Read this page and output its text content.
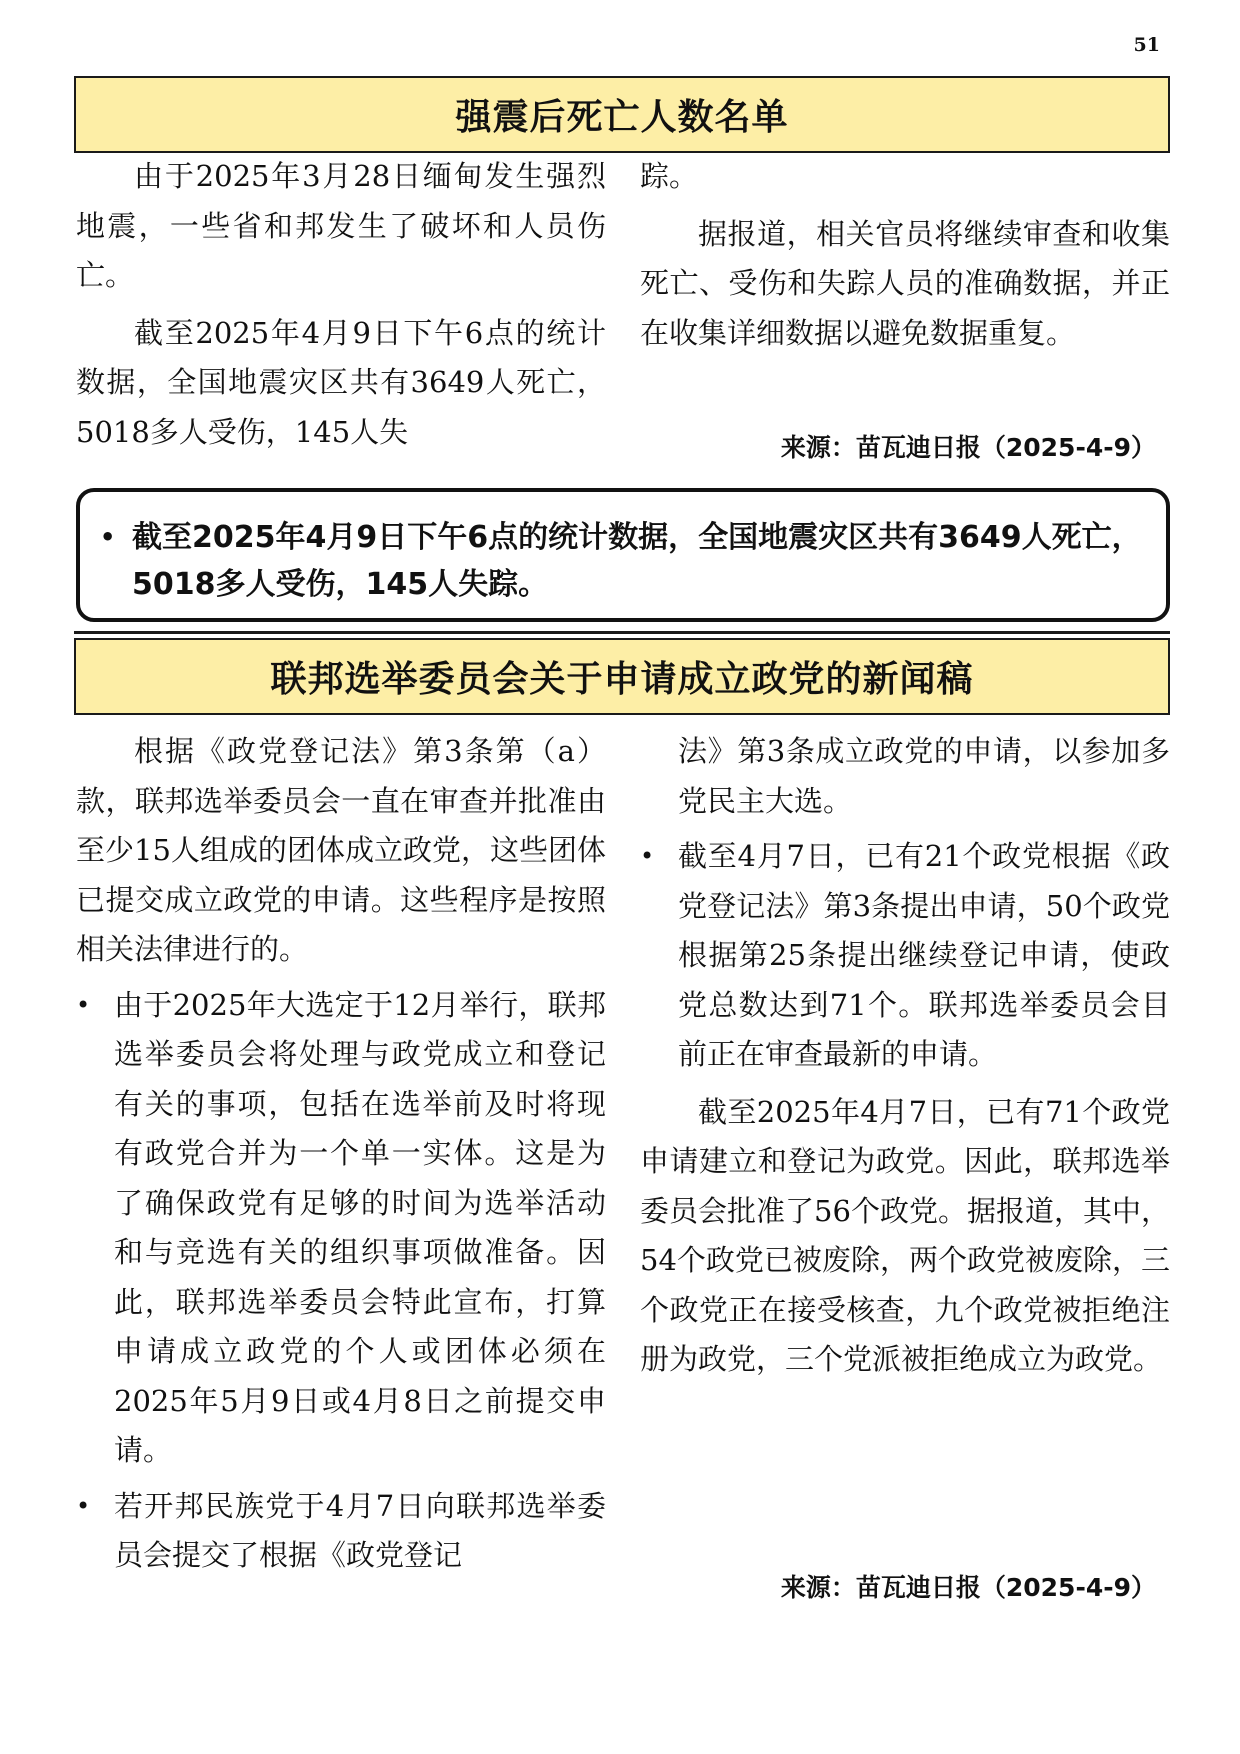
51
强震后死亡人数名单

由于2025年3月28日缅甸发生强烈地震，一些省和邦发生了破坏和人员伤亡。

截至2025年4月9日下午6点的统计数据，全国地震灾区共有3649人死亡，5018多人受伤，145人失

踪。

据报道，相关官员将继续审查和收集死亡、受伤和失踪人员的准确数据，并正在收集详细数据以避免数据重复。

来源：苗瓦迪日报（2025-4-9）
• 截至2025年4月9日下午6点的统计数据，全国地震灾区共有3649人死亡，5018多人受伤，145人失踪。
联邦选举委员会关于申请成立政党的新闻稿

根据《政党登记法》第3条第（a）款，联邦选举委员会一直在审查并批准由至少15人组成的团体成立政党，这些团体已提交成立政党的申请。这些程序是按照相关法律进行的。

• 由于2025年大选定于12月举行，联邦选举委员会将处理与政党成立和登记有关的事项，包括在选举前及时将现有政党合并为一个单一实体。这是为了确保政党有足够的时间为选举活动和与竞选有关的组织事项做准备。因此，联邦选举委员会特此宣布，打算申请成立政党的个人或团体必须在2025年5月9日或4月8日之前提交申请。
• 若开邦民族党于4月7日向联邦选举委员会提交了根据《政党登记
法》第3条成立政党的申请，以参加多党民主大选。
• 截至4月7日，已有21个政党根据《政党登记法》第3条提出申请，50个政党根据第25条提出继续登记申请，使政党总数达到71个。联邦选举委员会目前正在审查最新的申请。

截至2025年4月7日，已有71个政党申请建立和登记为政党。因此，联邦选举委员会批准了56个政党。据报道，其中，54个政党已被废除，两个政党被废除，三个政党正在接受核查，九个政党被拒绝注册为政党，三个党派被拒绝成立为政党。

来源：苗瓦迪日报（2025-4-9）
